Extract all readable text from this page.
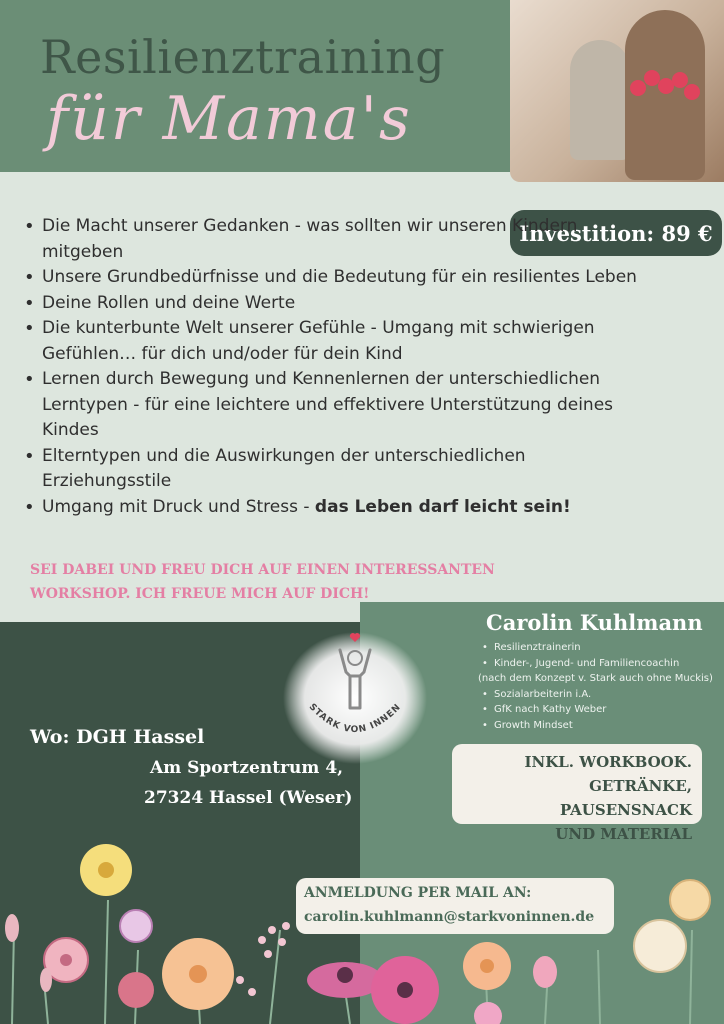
Resilienztraining
für Mama's
Investition: 89 €
• Die Macht unserer Gedanken - was sollten wir unseren Kindern mitgeben
• Unsere Grundbedürfnisse und die Bedeutung für ein resilientes Leben
• Deine Rollen und deine Werte
• Die kunterbunte Welt unserer Gefühle - Umgang mit schwierigen Gefühlen… für dich und/oder für dein Kind
• Lernen durch Bewegung und Kennenlernen der unterschiedlichen Lerntypen - für eine leichtere und effektivere Unterstützung deines Kindes
• Elterntypen und die Auswirkungen der unterschiedlichen Erziehungsstile
• Umgang mit Druck und Stress - das Leben darf leicht sein!
SEI DABEI UND FREU DICH AUF EINEN INTERESSANTEN
WORKSHOP. ICH FREUE MICH AUF DICH!
STARK VON INNEN
Carolin Kuhlmann
• Resilienztrainerin
• Kinder-, Jugend- und Familiencoachin
(nach dem Konzept v. Stark auch ohne Muckis)
• Sozialarbeiterin i.A.
• GfK nach Kathy Weber
• Growth Mindset
INKL. WORKBOOK.
GETRÄNKE, PAUSENSNACK
UND MATERIAL
Wo: DGH Hassel
Am Sportzentrum 4,
27324 Hassel (Weser)
ANMELDUNG PER MAIL AN:
carolin.kuhlmann@starkvoninnen.de
